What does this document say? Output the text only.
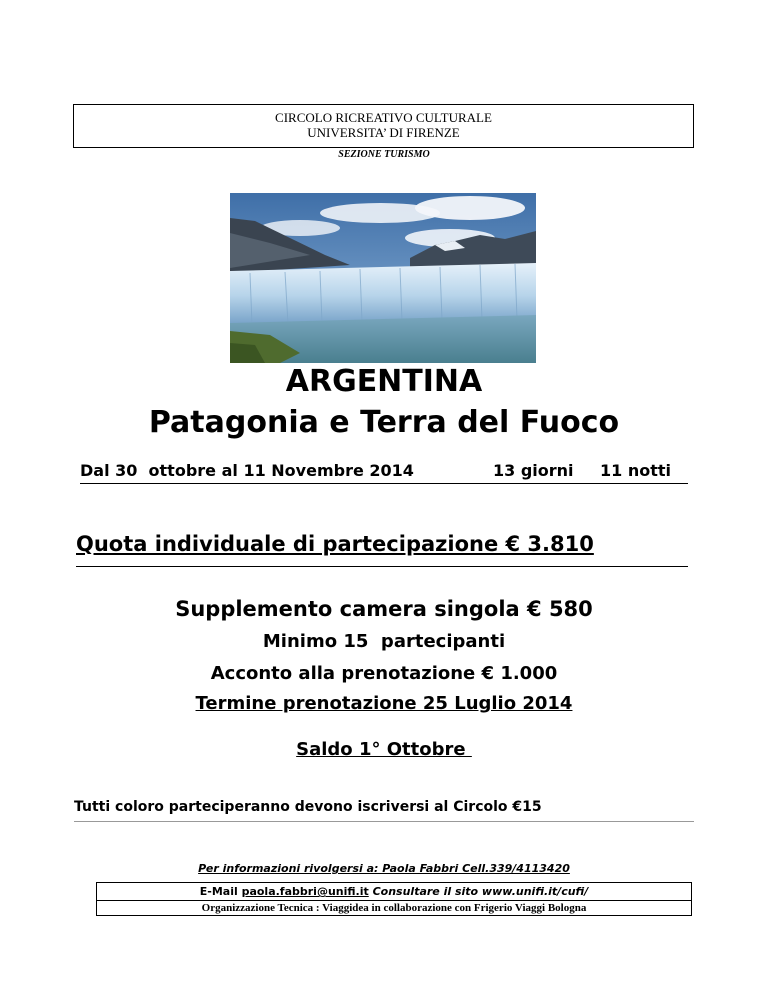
CIRCOLO RICREATIVO CULTURALE
UNIVERSITA’ DI FIRENZE
SEZIONE TURISMO
ARGENTINA
Patagonia e Terra del Fuoco
Dal 30  ottobre al 11 Novembre 2014	13 giorni 11 notti
Quota individuale di partecipazione € 3.810
Supplemento camera singola € 580
Minimo 15  partecipanti
Acconto alla prenotazione € 1.000
Termine prenotazione 25 Luglio 2014
Saldo 1° Ottobre
Tutti coloro parteciperanno devono iscriversi al Circolo €15
Per informazioni rivolgersi a: Paola Fabbri Cell.339/4113420
E-Mail paola.fabbri@unifi.it Consultare il sito www.unifi.it/cufi/
Organizzazione Tecnica : Viaggidea in collaborazione con Frigerio Viaggi Bologna
